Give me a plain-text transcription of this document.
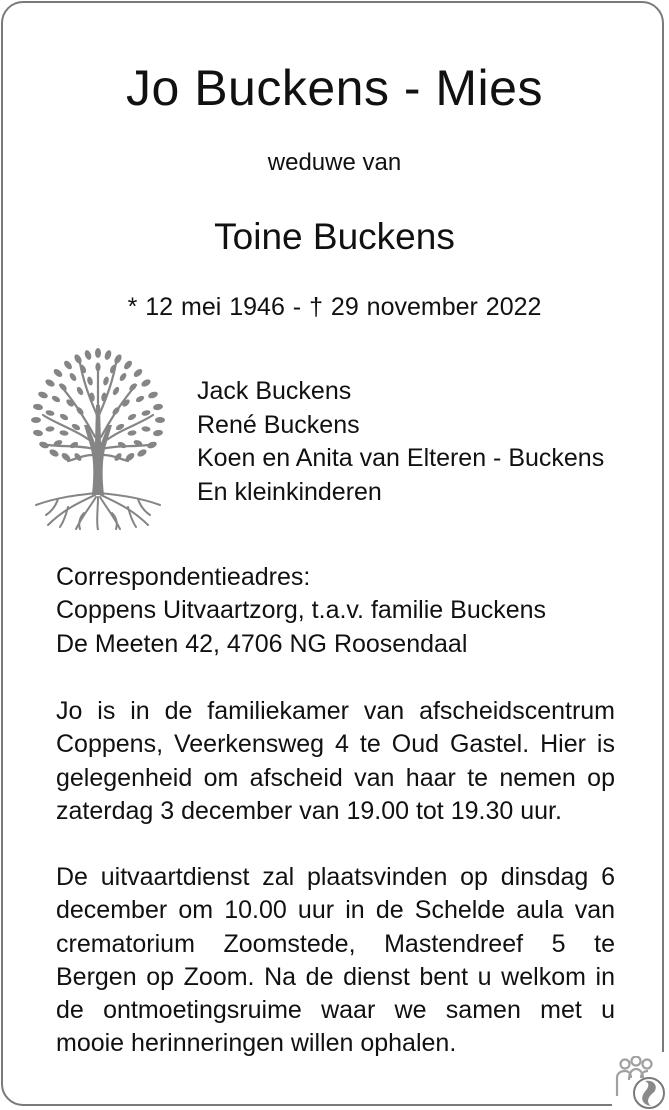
Jo Buckens - Mies
weduwe van
Toine Buckens
* 12 mei 1946 - † 29 november 2022
Jack Buckens
René Buckens
Koen en Anita van Elteren - Buckens
En kleinkinderen
Correspondentieadres:
Coppens Uitvaartzorg, t.a.v. familie Buckens
De Meeten 42, 4706 NG Roosendaal
Jo is in de familiekamer van afscheidscentrum Coppens, Veerkensweg 4 te Oud Gastel. Hier is gelegenheid om afscheid van haar te nemen op zaterdag 3 december van 19.00 tot 19.30 uur.
De uitvaartdienst zal plaatsvinden op dinsdag 6 december om 10.00 uur in de Schelde aula van crematorium Zoomstede, Mastendreef 5 te Bergen op Zoom. Na de dienst bent u welkom in de ontmoetingsruime waar we samen met u mooie herinneringen willen ophalen.
